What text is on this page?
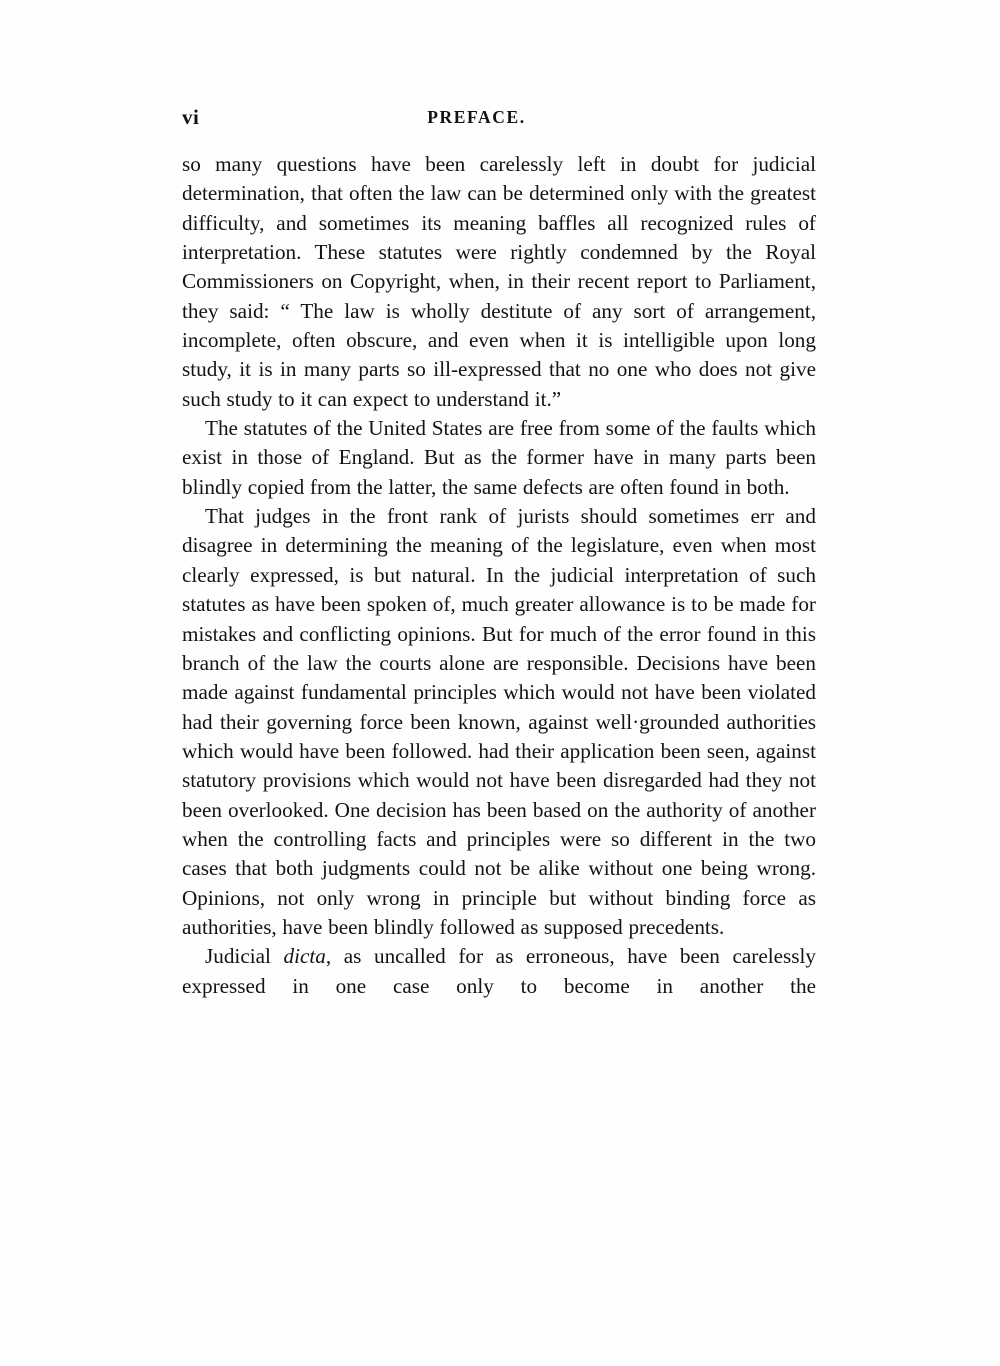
vi	PREFACE.

so many questions have been carelessly left in doubt for judicial determination, that often the law can be determined only with the greatest difficulty, and sometimes its meaning baffles all recognized rules of interpretation. These statutes were rightly condemned by the Royal Commissioners on Copyright, when, in their recent report to Parliament, they said: “ The law is wholly destitute of any sort of arrangement, incomplete, often obscure, and even when it is intelligible upon long study, it is in many parts so ill-expressed that no one who does not give such study to it can expect to understand it.”

The statutes of the United States are free from some of the faults which exist in those of England. But as the former have in many parts been blindly copied from the latter, the same defects are often found in both.

That judges in the front rank of jurists should sometimes err and disagree in determining the meaning of the legislature, even when most clearly expressed, is but natural. In the judicial interpretation of such statutes as have been spoken of, much greater allowance is to be made for mistakes and conflicting opinions. But for much of the error found in this branch of the law the courts alone are responsible. Decisions have been made against fundamental principles which would not have been violated had their governing force been known, against well·grounded authorities which would have been followed. had their application been seen, against statutory provisions which would not have been disregarded had they not been overlooked. One decision has been based on the authority of another when the controlling facts and principles were so different in the two cases that both judgments could not be alike without one being wrong. Opinions, not only wrong in principle but without binding force as authorities, have been blindly followed as supposed precedents.

Judicial dicta, as uncalled for as erroneous, have been carelessly expressed in one case only to become in another the
